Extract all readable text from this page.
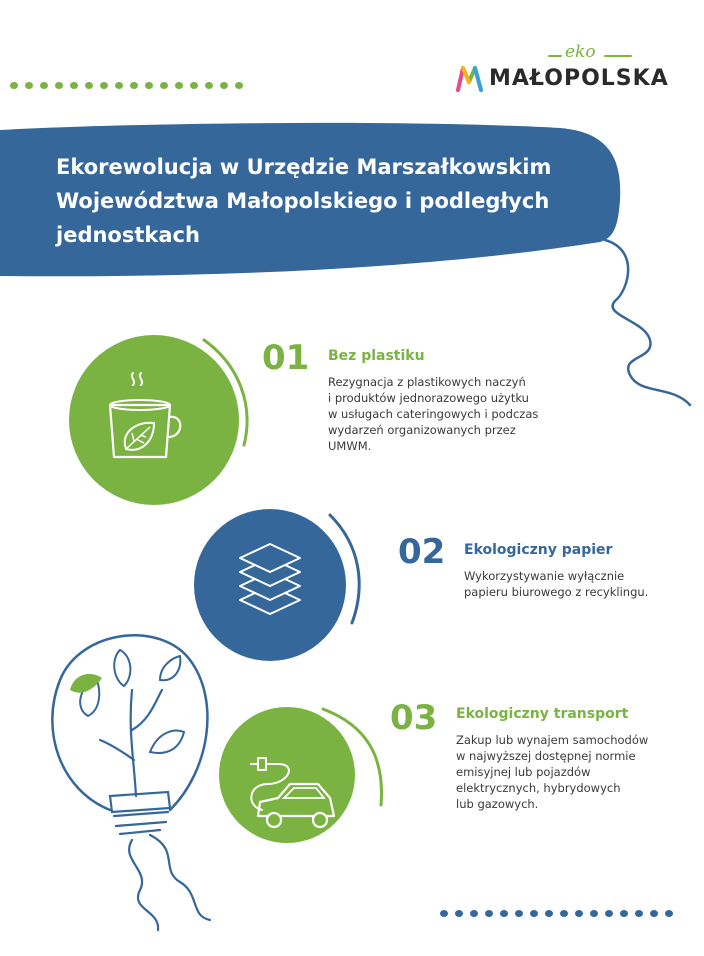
eko
MAŁOPOLSKA
Ekorewolucja w Urzędzie Marszałkowskim
Województwa Małopolskiego i podległych
jednostkach
01 Bez plastiku
Rezygnacja z plastikowych naczyń
i produktów jednorazowego użytku
w usługach cateringowych i podczas
wydarzeń organizowanych przez
UMWM.
02 Ekologiczny papier
Wykorzystywanie wyłącznie
papieru biurowego z recyklingu.
03 Ekologiczny transport
Zakup lub wynajem samochodów
w najwyższej dostępnej normie
emisyjnej lub pojazdów
elektrycznych, hybrydowych
lub gazowych.
